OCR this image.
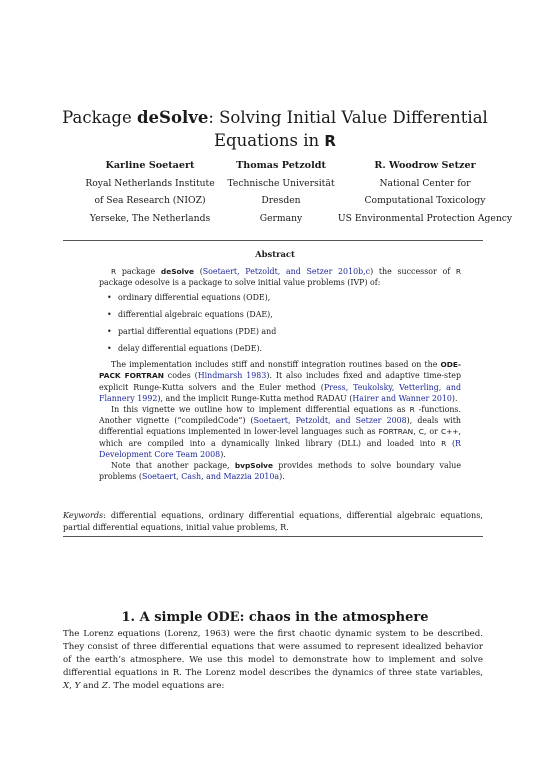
Package deSolve: Solving Initial Value Differential
Equations in R
Karline Soetaert
Royal Netherlands Institute
of Sea Research (NIOZ)
Yerseke, The Netherlands
Thomas Petzoldt
Technische Universität
Dresden
Germany
R. Woodrow Setzer
National Center for
Computational Toxicology
US Environmental Protection Agency
Abstract

R package deSolve (Soetaert, Petzoldt, and Setzer 2010b,c) the successor of R package odesolve is a package to solve initial value problems (IVP) of:

• ordinary differential equations (ODE),
• differential algebraic equations (DAE),
• partial differential equations (PDE) and
• delay differential equations (DeDE).

The implementation includes stiff and nonstiff integration routines based on the ODE-PACK FORTRAN codes (Hindmarsh 1983). It also includes fixed and adaptive time-step explicit Runge-Kutta solvers and the Euler method (Press, Teukolsky, Vetterling, and Flannery 1992), and the implicit Runge-Kutta method RADAU (Hairer and Wanner 2010).

In this vignette we outline how to implement differential equations as R -functions. Another vignette (“compiledCode”) (Soetaert, Petzoldt, and Setzer 2008), deals with differential equations implemented in lower-level languages such as FORTRAN, C, or C++, which are compiled into a dynamically linked library (DLL) and loaded into R (R Development Core Team 2008).

Note that another package, bvpSolve provides methods to solve boundary value problems (Soetaert, Cash, and Mazzia 2010a).

Keywords: differential equations, ordinary differential equations, differential algebraic equations, partial differential equations, initial value problems, R.
1. A simple ODE: chaos in the atmosphere

The Lorenz equations (Lorenz, 1963) were the first chaotic dynamic system to be described. They consist of three differential equations that were assumed to represent idealized behavior of the earth’s atmosphere. We use this model to demonstrate how to implement and solve differential equations in R. The Lorenz model describes the dynamics of three state variables, X, Y and Z. The model equations are:
